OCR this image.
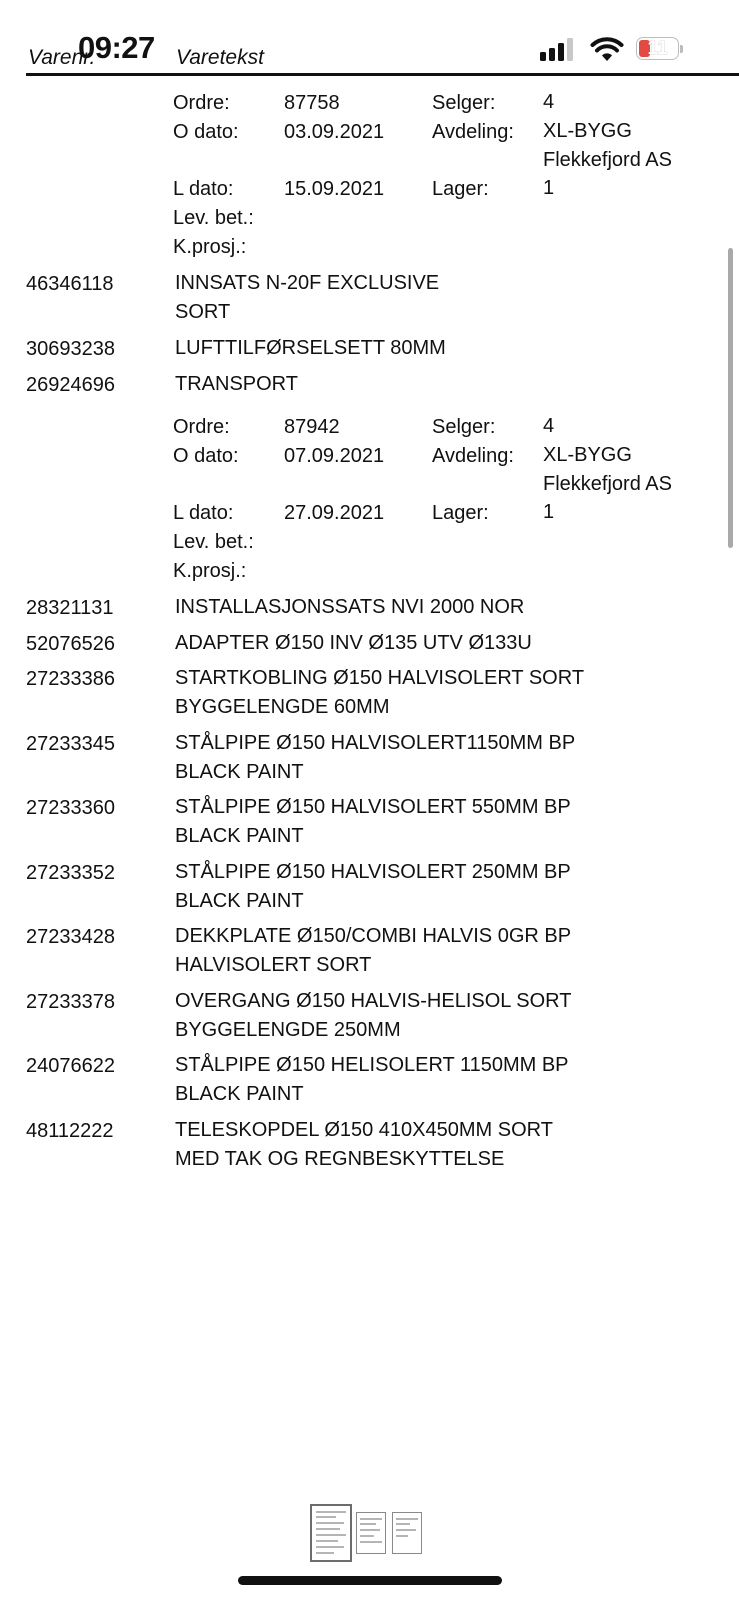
Varenr.	Varetekst
09:27	11
Ordre:	87758	Selger: 4
O dato: 03.09.2021 Avdeling: XL-BYGG
Flekkefjord AS
L dato:	15.09.2021 Lager:	1
Lev. bet.:
K.prosj.:
46346118	INNSATS N-20F EXCLUSIVE
SORT
30693238	LUFTTILFØRSELSETT 80MM
26924696	TRANSPORT
Ordre:	87942	Selger: 4
O dato: 07.09.2021 Avdeling: XL-BYGG
Flekkefjord AS
L dato:	27.09.2021 Lager:	1
Lev. bet.:
K.prosj.:
28321131	INSTALLASJONSSATS NVI 2000 NOR
52076526	ADAPTER Ø150 INV Ø135 UTV Ø133U
27233386	STARTKOBLING Ø150 HALVISOLERT SORT
BYGGELENGDE 60MM
27233345	STÅLPIPE Ø150 HALVISOLERT1150MM BP
BLACK PAINT
27233360	STÅLPIPE Ø150 HALVISOLERT 550MM BP
BLACK PAINT
27233352	STÅLPIPE Ø150 HALVISOLERT 250MM BP
BLACK PAINT
27233428	DEKKPLATE Ø150/COMBI HALVIS 0GR BP
HALVISOLERT SORT
27233378	OVERGANG Ø150 HALVIS-HELISOL SORT
BYGGELENGDE 250MM
24076622	STÅLPIPE Ø150 HELISOLERT 1150MM BP
BLACK PAINT
48112222	TELESKOPDEL Ø150 410X450MM SORT
MED TAK OG REGNBESKYTTELSE
